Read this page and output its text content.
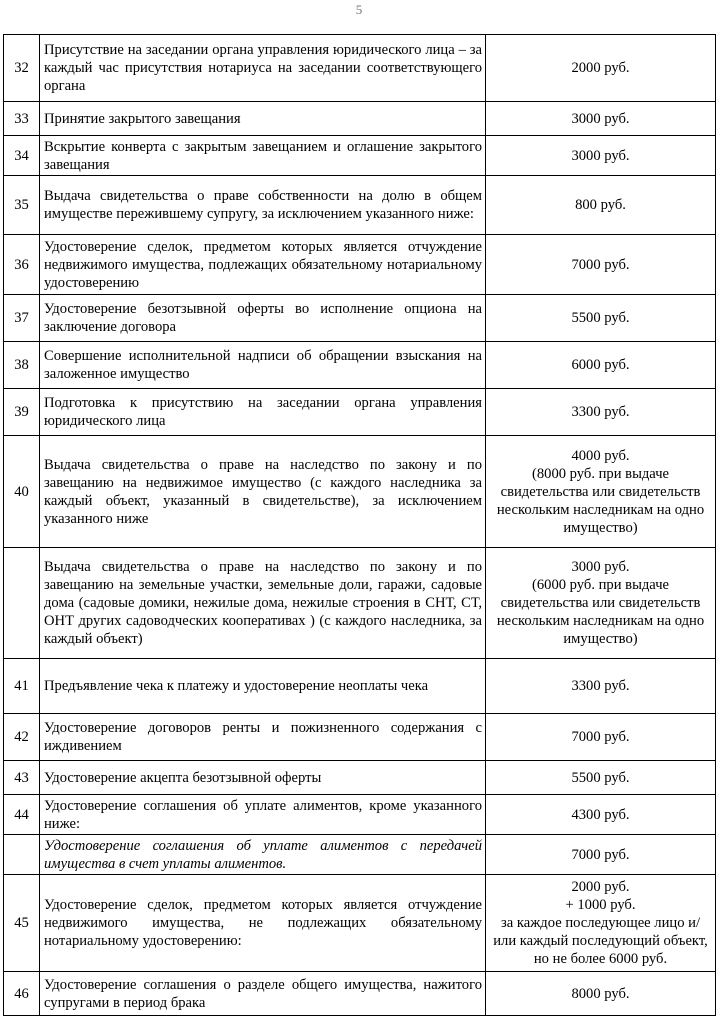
5
32	Присутствие на заседании органа управления юридического лица – за каждый час присутствия нотариуса на заседании соответствующего органа	2000 руб.

33	Принятие закрытого завещания	3000 руб.

34	Вскрытие конверта с закрытым завещанием и оглашение закрытого завещания	3000 руб.

35	Выдача свидетельства о праве собственности на долю в общем имуществе пережившему супругу, за исключением указанного ниже:	800 руб.

36	Удостоверение сделок, предметом которых является отчуждение недвижимого имущества, подлежащих обязательному нотариальному удостоверению	7000 руб.

37	Удостоверение безотзывной оферты во исполнение опциона на заключение договора	5500 руб.

38	Совершение исполнительной надписи об обращении взыскания на заложенное имущество	6000 руб.

39	Подготовка к присутствию на заседании органа управления юридического лица	3300 руб.

40	Выдача свидетельства о праве на наследство по закону и по завещанию на недвижимое имущество (с каждого наследника за каждый объект, указанный в свидетельстве), за исключением указанного ниже	4000 руб.
(8000 руб. при выдаче свидетельства или свидетельств нескольким наследникам на одно имущество)

	Выдача свидетельства о праве на наследство по закону и по завещанию на земельные участки, земельные доли, гаражи, садовые дома (садовые домики, нежилые дома, нежилые строения в СНТ, СТ, ОНТ других садоводческих кооперативах ) (с каждого наследника, за каждый объект)	3000 руб.
(6000 руб. при выдаче свидетельства или свидетельств нескольким наследникам на одно имущество)

41	Предъявление чека к платежу и удостоверение неоплаты чека	3300 руб.

42	Удостоверение договоров ренты и пожизненного содержания с иждивением	7000 руб.

43	Удостоверение акцепта безотзывной оферты	5500 руб.

44	Удостоверение соглашения об уплате алиментов, кроме указанного ниже:	4300 руб.

	Удостоверение соглашения об уплате алиментов с передачей имущества в счет уплаты алиментов.	7000 руб.

45	Удостоверение сделок, предметом которых является отчуждение недвижимого имущества, не подлежащих обязательному нотариальному удостоверению:	2000 руб.
+ 1000 руб.
за каждое последующее лицо и/или каждый последующий объект, но не более 6000 руб.

46	Удостоверение соглашения о разделе общего имущества, нажитого супругами в период брака	8000 руб.
